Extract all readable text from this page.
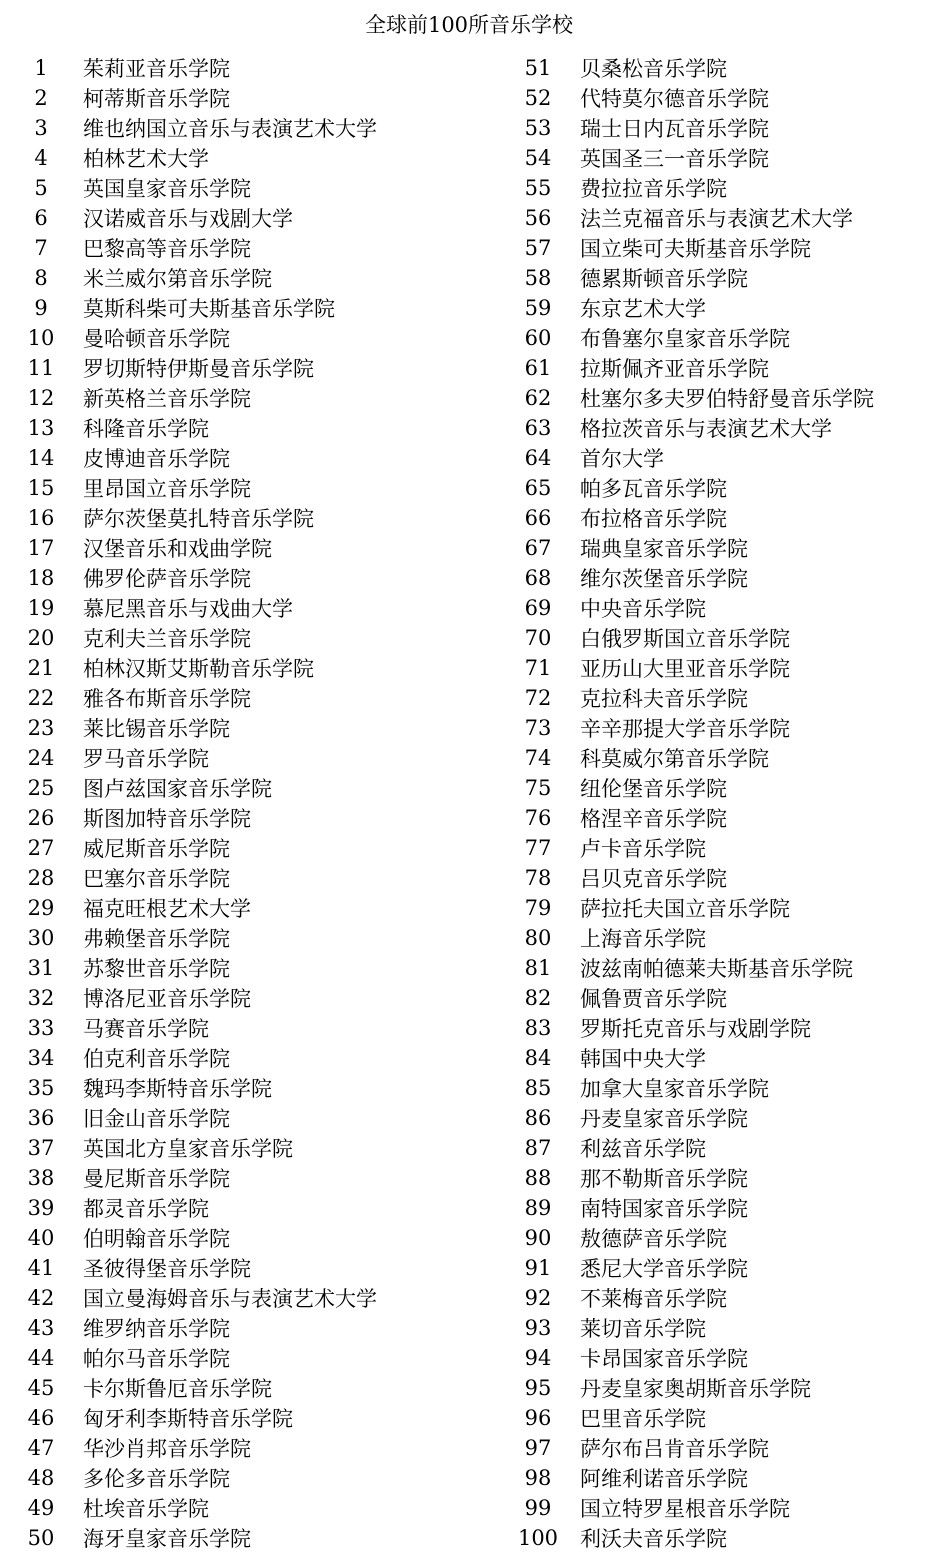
全球前100所音乐学校
1	茱莉亚音乐学院
2	柯蒂斯音乐学院
3	维也纳国立音乐与表演艺术大学
4	柏林艺术大学
5	英国皇家音乐学院
6	汉诺威音乐与戏剧大学
7	巴黎高等音乐学院
8	米兰威尔第音乐学院
9	莫斯科柴可夫斯基音乐学院
10	曼哈顿音乐学院
11	罗切斯特伊斯曼音乐学院
12	新英格兰音乐学院
13	科隆音乐学院
14	皮博迪音乐学院
15	里昂国立音乐学院
16	萨尔茨堡莫扎特音乐学院
17	汉堡音乐和戏曲学院
18	佛罗伦萨音乐学院
19	慕尼黑音乐与戏曲大学
20	克利夫兰音乐学院
21	柏林汉斯艾斯勒音乐学院
22	雅各布斯音乐学院
23	莱比锡音乐学院
24	罗马音乐学院
25	图卢兹国家音乐学院
26	斯图加特音乐学院
27	威尼斯音乐学院
28	巴塞尔音乐学院
29	福克旺根艺术大学
30	弗赖堡音乐学院
31	苏黎世音乐学院
32	博洛尼亚音乐学院
33	马赛音乐学院
34	伯克利音乐学院
35	魏玛李斯特音乐学院
36	旧金山音乐学院
37	英国北方皇家音乐学院
38	曼尼斯音乐学院
39	都灵音乐学院
40	伯明翰音乐学院
41	圣彼得堡音乐学院
42	国立曼海姆音乐与表演艺术大学
43	维罗纳音乐学院
44	帕尔马音乐学院
45	卡尔斯鲁厄音乐学院
46	匈牙利李斯特音乐学院
47	华沙肖邦音乐学院
48	多伦多音乐学院
49	杜埃音乐学院
50	海牙皇家音乐学院
51	贝桑松音乐学院
52	代特莫尔德音乐学院
53	瑞士日内瓦音乐学院
54	英国圣三一音乐学院
55	费拉拉音乐学院
56	法兰克福音乐与表演艺术大学
57	国立柴可夫斯基音乐学院
58	德累斯顿音乐学院
59	东京艺术大学
60	布鲁塞尔皇家音乐学院
61	拉斯佩齐亚音乐学院
62	杜塞尔多夫罗伯特舒曼音乐学院
63	格拉茨音乐与表演艺术大学
64	首尔大学
65	帕多瓦音乐学院
66	布拉格音乐学院
67	瑞典皇家音乐学院
68	维尔茨堡音乐学院
69	中央音乐学院
70	白俄罗斯国立音乐学院
71	亚历山大里亚音乐学院
72	克拉科夫音乐学院
73	辛辛那提大学音乐学院
74	科莫威尔第音乐学院
75	纽伦堡音乐学院
76	格涅辛音乐学院
77	卢卡音乐学院
78	吕贝克音乐学院
79	萨拉托夫国立音乐学院
80	上海音乐学院
81	波兹南帕德莱夫斯基音乐学院
82	佩鲁贾音乐学院
83	罗斯托克音乐与戏剧学院
84	韩国中央大学
85	加拿大皇家音乐学院
86	丹麦皇家音乐学院
87	利兹音乐学院
88	那不勒斯音乐学院
89	南特国家音乐学院
90	敖德萨音乐学院
91	悉尼大学音乐学院
92	不莱梅音乐学院
93	莱切音乐学院
94	卡昂国家音乐学院
95	丹麦皇家奥胡斯音乐学院
96	巴里音乐学院
97	萨尔布吕肯音乐学院
98	阿维利诺音乐学院
99	国立特罗星根音乐学院
100 利沃夫音乐学院
